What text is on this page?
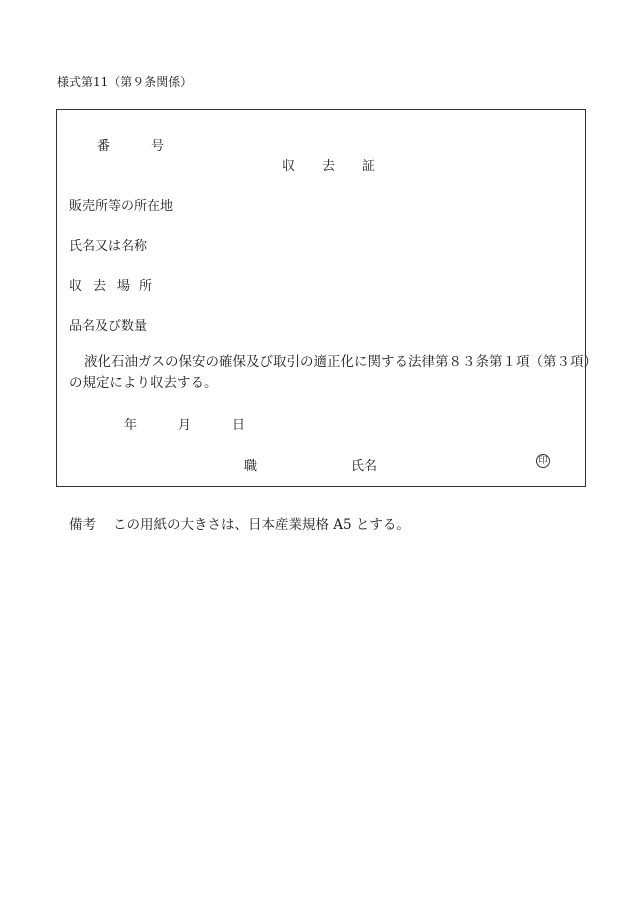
様式第11（第９条関係）
番	号
収 去 証
販売所等の所在地
氏名又は名称
収 去 場 所
品名及び数量
液化石油ガスの保安の確保及び取引の適正化に関する法律第８３条第１項（第３項）
の規定により収去する。
年	月	日
職	氏名	印
備考 この用紙の大きさは、日本産業規格 A5 とする。
